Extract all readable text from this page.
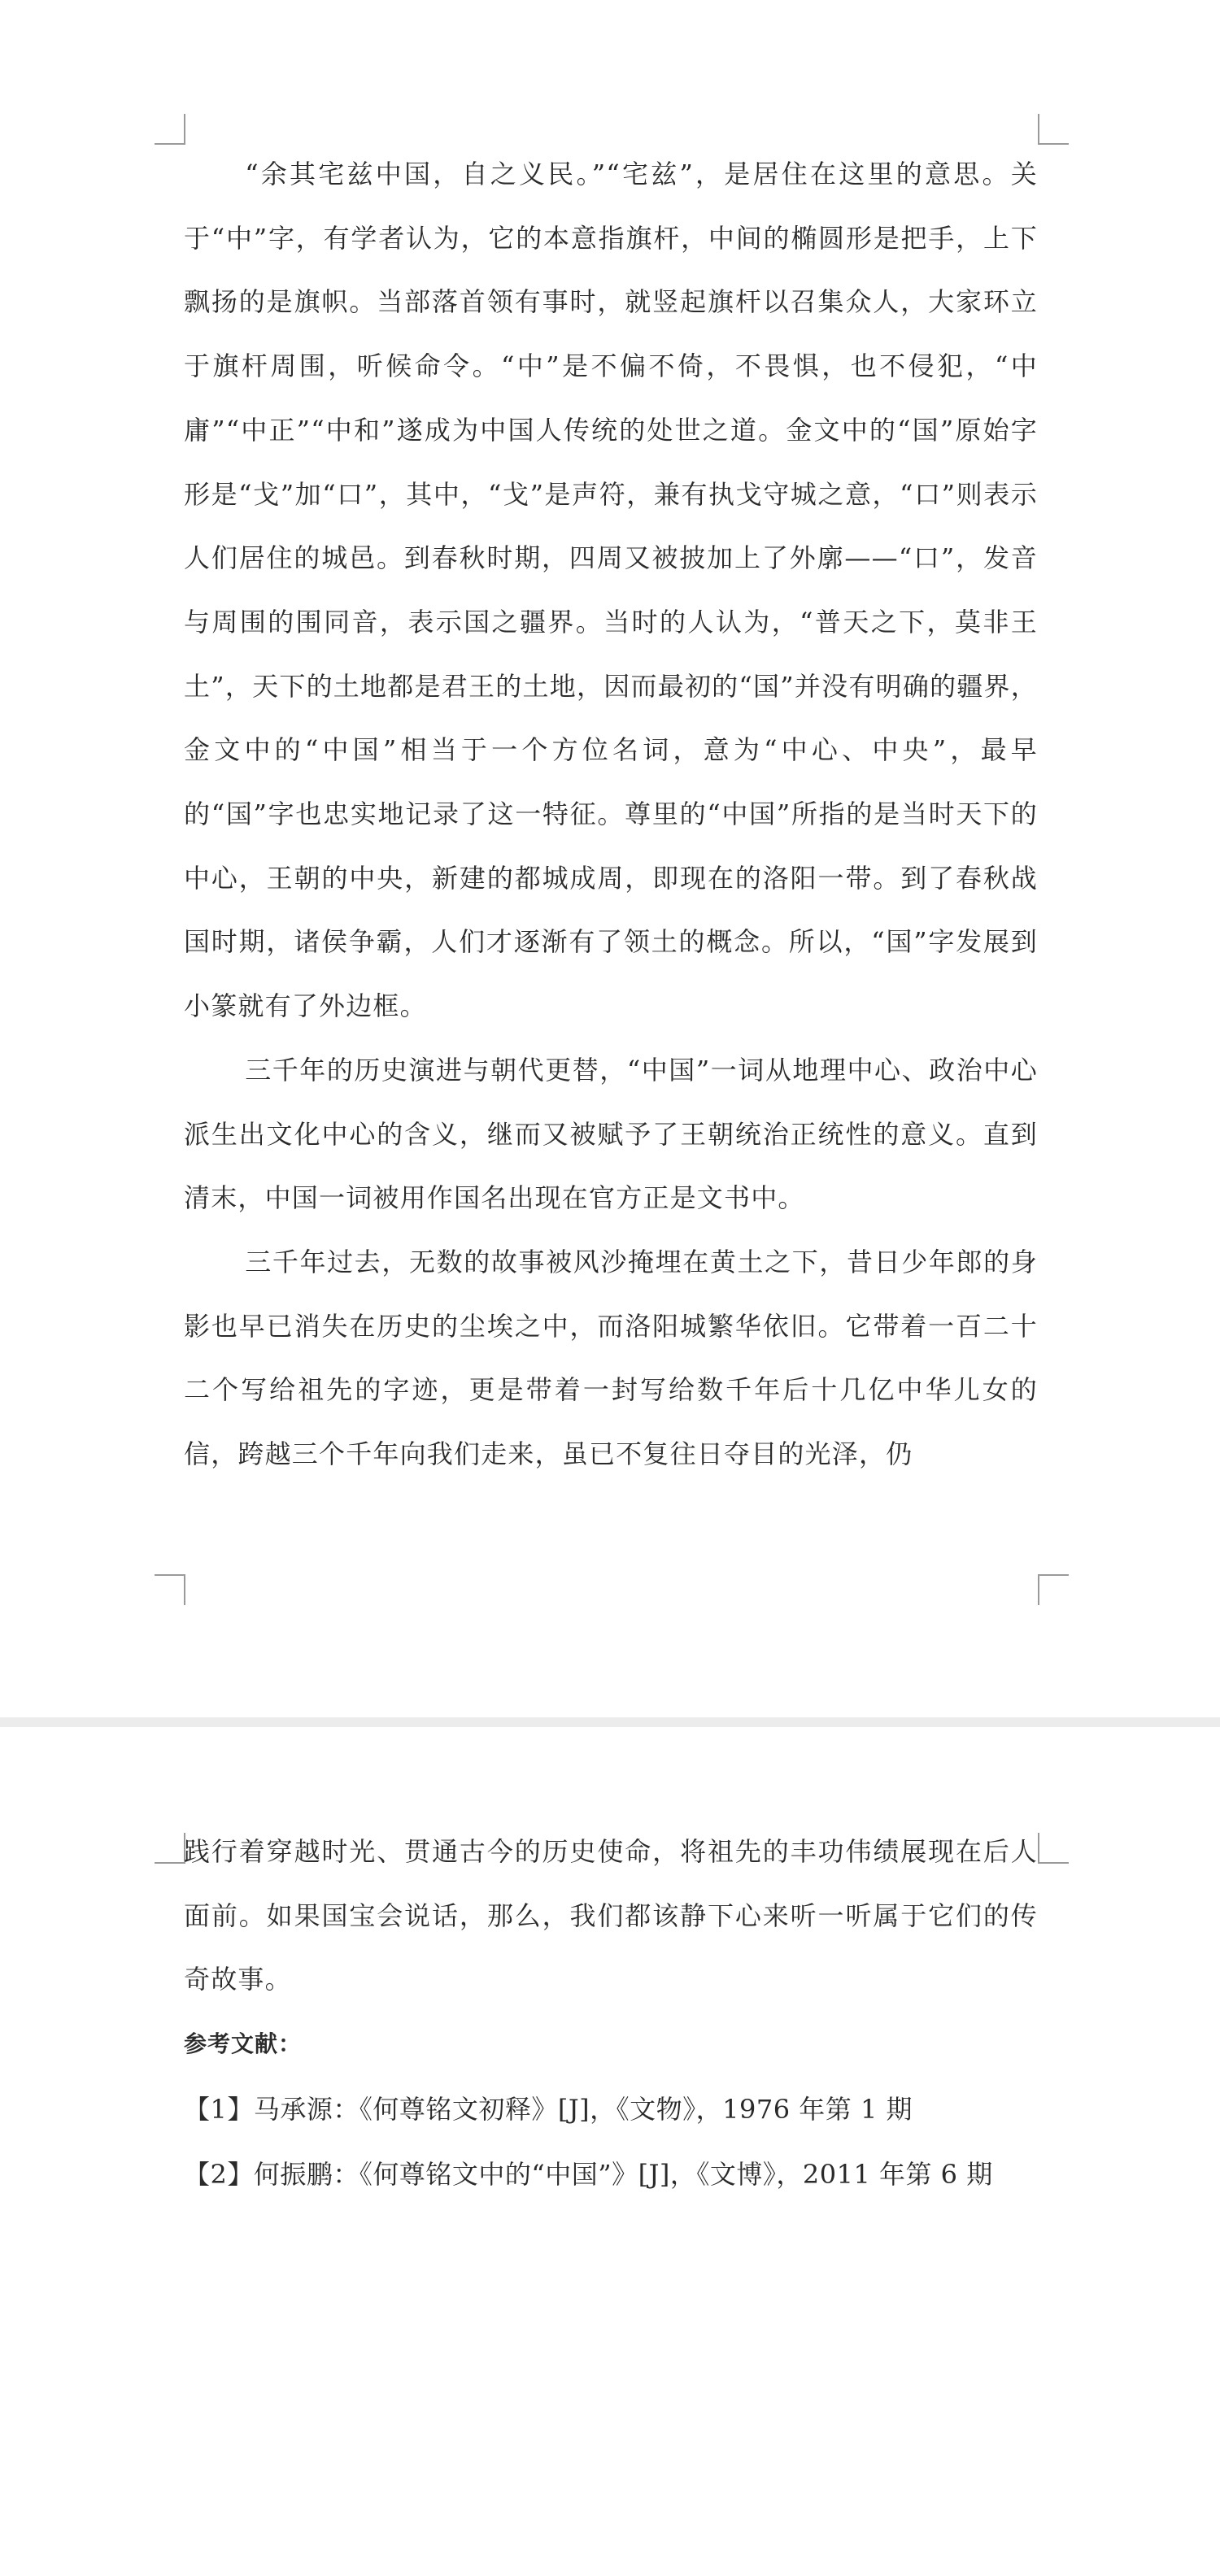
“余其宅兹中国，自之义民。”“宅兹”，是居住在这里的意思。关于“中”字，有学者认为，它的本意指旗杆，中间的椭圆形是把手，上下飘扬的是旗帜。当部落首领有事时，就竖起旗杆以召集众人，大家环立于旗杆周围，听候命令。“中”是不偏不倚，不畏惧，也不侵犯，“中庸”“中正”“中和”遂成为中国人传统的处世之道。金文中的“国”原始字形是“戈”加“口”，其中，“戈”是声符，兼有执戈守城之意，“口”则表示人们居住的城邑。到春秋时期，四周又被披加上了外廓——“口”，发音与周围的围同音，表示国之疆界。当时的人认为，“普天之下，莫非王土”，天下的土地都是君王的土地，因而最初的“国”并没有明确的疆界，金文中的“中国”相当于一个方位名词，意为“中心、中央”，最早的“国”字也忠实地记录了这一特征。尊里的“中国”所指的是当时天下的中心，王朝的中央，新建的都城成周，即现在的洛阳一带。到了春秋战国时期，诸侯争霸，人们才逐渐有了领土的概念。所以，“国”字发展到小篆就有了外边框。

三千年的历史演进与朝代更替，“中国”一词从地理中心、政治中心派生出文化中心的含义，继而又被赋予了王朝统治正统性的意义。直到清末，中国一词被用作国名出现在官方正是文书中。

三千年过去，无数的故事被风沙掩埋在黄土之下，昔日少年郎的身影也早已消失在历史的尘埃之中，而洛阳城繁华依旧。它带着一百二十二个写给祖先的字迹，更是带着一封写给数千年后十几亿中华儿女的信，跨越三个千年向我们走来，虽已不复往日夺目的光泽，仍

践行着穿越时光、贯通古今的历史使命，将祖先的丰功伟绩展现在后人面前。如果国宝会说话，那么，我们都该静下心来听一听属于它们的传奇故事。

参考文献：

【1】马承源：《何尊铭文初释》[J]，《文物》，1976 年第 1 期

【2】何振鹏：《何尊铭文中的“中国”》[J]，《文博》，2011 年第 6 期
